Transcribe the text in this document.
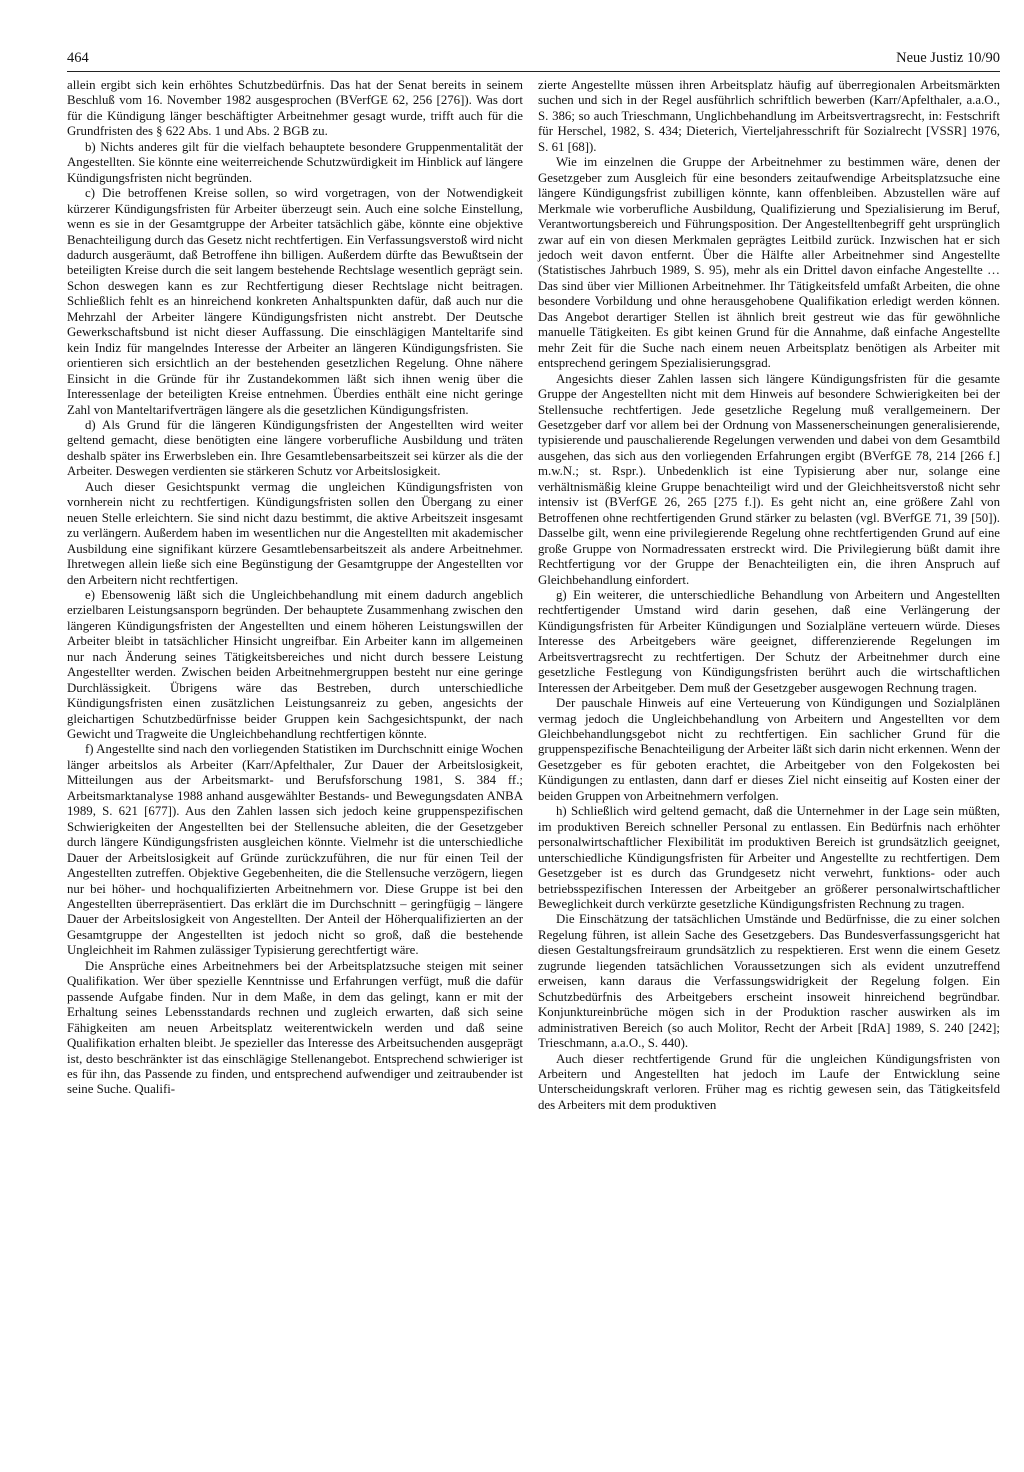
464	Neue Justiz 10/90

allein ergibt sich kein erhöhtes Schutzbedürfnis. Das hat der Senat bereits in seinem Beschluß vom 16. November 1982 ausgesprochen (BVerfGE 62, 256 [276]). Was dort für die Kündigung länger beschäftigter Arbeitnehmer gesagt wurde, trifft auch für die Grundfristen des § 622 Abs. 1 und Abs. 2 BGB zu.

b) Nichts anderes gilt für die vielfach behauptete besondere Gruppenmentalität der Angestellten. Sie könnte eine weiterreichende Schutzwürdigkeit im Hinblick auf längere Kündigungsfristen nicht begründen.

c) Die betroffenen Kreise sollen, so wird vorgetragen, von der Notwendigkeit kürzerer Kündigungsfristen für Arbeiter überzeugt sein. Auch eine solche Einstellung, wenn es sie in der Gesamtgruppe der Arbeiter tatsächlich gäbe, könnte eine objektive Benachteiligung durch das Gesetz nicht rechtfertigen. Ein Verfassungsverstoß wird nicht dadurch ausgeräumt, daß Betroffene ihn billigen. Außerdem dürfte das Bewußtsein der beteiligten Kreise durch die seit langem bestehende Rechtslage wesentlich geprägt sein. Schon deswegen kann es zur Rechtfertigung dieser Rechtslage nicht beitragen. Schließlich fehlt es an hinreichend konkreten Anhaltspunkten dafür, daß auch nur die Mehrzahl der Arbeiter längere Kündigungsfristen nicht anstrebt. Der Deutsche Gewerkschaftsbund ist nicht dieser Auffassung. Die einschlägigen Manteltarife sind kein Indiz für mangelndes Interesse der Arbeiter an längeren Kündigungsfristen. Sie orientieren sich ersichtlich an der bestehenden gesetzlichen Regelung. Ohne nähere Einsicht in die Gründe für ihr Zustandekommen läßt sich ihnen wenig über die Interessenlage der beteiligten Kreise entnehmen. Überdies enthält eine nicht geringe Zahl von Manteltarifverträgen längere als die gesetzlichen Kündigungsfristen.

d) Als Grund für die längeren Kündigungsfristen der Angestellten wird weiter geltend gemacht, diese benötigten eine längere vorberufliche Ausbildung und träten deshalb später ins Erwerbsleben ein. Ihre Gesamtlebensarbeitszeit sei kürzer als die der Arbeiter. Deswegen verdienten sie stärkeren Schutz vor Arbeitslosigkeit.

Auch dieser Gesichtspunkt vermag die ungleichen Kündigungsfristen von vornherein nicht zu rechtfertigen. Kündigungsfristen sollen den Übergang zu einer neuen Stelle erleichtern. Sie sind nicht dazu bestimmt, die aktive Arbeitszeit insgesamt zu verlängern. Außerdem haben im wesentlichen nur die Angestellten mit akademischer Ausbildung eine signifikant kürzere Gesamtlebensarbeitszeit als andere Arbeitnehmer. Ihretwegen allein ließe sich eine Begünstigung der Gesamtgruppe der Angestellten vor den Arbeitern nicht rechtfertigen.

e) Ebensowenig läßt sich die Ungleichbehandlung mit einem dadurch angeblich erzielbaren Leistungsansporn begründen. Der behauptete Zusammenhang zwischen den längeren Kündigungsfristen der Angestellten und einem höheren Leistungswillen der Arbeiter bleibt in tatsächlicher Hinsicht ungreifbar. Ein Arbeiter kann im allgemeinen nur nach Änderung seines Tätigkeitsbereiches und nicht durch bessere Leistung Angestellter werden. Zwischen beiden Arbeitnehmergruppen besteht nur eine geringe Durchlässigkeit. Übrigens wäre das Bestreben, durch unterschiedliche Kündigungsfristen einen zusätzlichen Leistungsanreiz zu geben, angesichts der gleichartigen Schutzbedürfnisse beider Gruppen kein Sachgesichtspunkt, der nach Gewicht und Tragweite die Ungleichbehandlung rechtfertigen könnte.

f) Angestellte sind nach den vorliegenden Statistiken im Durchschnitt einige Wochen länger arbeitslos als Arbeiter (Karr/Apfelthaler, Zur Dauer der Arbeitslosigkeit, Mitteilungen aus der Arbeitsmarkt- und Berufsforschung 1981, S. 384 ff.; Arbeitsmarktanalyse 1988 anhand ausgewählter Bestands- und Bewegungsdaten ANBA 1989, S. 621 [677]). Aus den Zahlen lassen sich jedoch keine gruppenspezifischen Schwierigkeiten der Angestellten bei der Stellensuche ableiten, die der Gesetzgeber durch längere Kündigungsfristen ausgleichen könnte. Vielmehr ist die unterschiedliche Dauer der Arbeitslosigkeit auf Gründe zurückzuführen, die nur für einen Teil der Angestellten zutreffen. Objektive Gegebenheiten, die die Stellensuche verzögern, liegen nur bei höher- und hochqualifizierten Arbeitnehmern vor. Diese Gruppe ist bei den Angestellten überrepräsentiert. Das erklärt die im Durchschnitt – geringfügig – längere Dauer der Arbeitslosigkeit von Angestellten. Der Anteil der Höherqualifizierten an der Gesamtgruppe der Angestellten ist jedoch nicht so groß, daß die bestehende Ungleichheit im Rahmen zulässiger Typisierung gerechtfertigt wäre.

Die Ansprüche eines Arbeitnehmers bei der Arbeitsplatzsuche steigen mit seiner Qualifikation. Wer über spezielle Kenntnisse und Erfahrungen verfügt, muß die dafür passende Aufgabe finden. Nur in dem Maße, in dem das gelingt, kann er mit der Erhaltung seines Lebensstandards rechnen und zugleich erwarten, daß sich seine Fähigkeiten am neuen Arbeitsplatz weiterentwickeln werden und daß seine Qualifikation erhalten bleibt. Je spezieller das Interesse des Arbeitsuchenden ausgeprägt ist, desto beschränkter ist das einschlägige Stellenangebot. Entsprechend schwieriger ist es für ihn, das Passende zu finden, und entsprechend aufwendiger und zeitraubender ist seine Suche. Qualifi-

zierte Angestellte müssen ihren Arbeitsplatz häufig auf überregionalen Arbeitsmärkten suchen und sich in der Regel ausführlich schriftlich bewerben (Karr/Apfelthaler, a.a.O., S. 386; so auch Trieschmann, Unglichbehandlung im Arbeitsvertragsrecht, in: Festschrift für Herschel, 1982, S. 434; Dieterich, Vierteljahresschrift für Sozialrecht [VSSR] 1976, S. 61 [68]).

Wie im einzelnen die Gruppe der Arbeitnehmer zu bestimmen wäre, denen der Gesetzgeber zum Ausgleich für eine besonders zeitaufwendige Arbeitsplatzsuche eine längere Kündigungsfrist zubilligen könnte, kann offenbleiben. Abzustellen wäre auf Merkmale wie vorberufliche Ausbildung, Qualifizierung und Spezialisierung im Beruf, Verantwortungsbereich und Führungsposition. Der Angestelltenbegriff geht ursprünglich zwar auf ein von diesen Merkmalen geprägtes Leitbild zurück. Inzwischen hat er sich jedoch weit davon entfernt. Über die Hälfte aller Arbeitnehmer sind Angestellte (Statistisches Jahrbuch 1989, S. 95), mehr als ein Drittel davon einfache Angestellte … Das sind über vier Millionen Arbeitnehmer. Ihr Tätigkeitsfeld umfaßt Arbeiten, die ohne besondere Vorbildung und ohne herausgehobene Qualifikation erledigt werden können. Das Angebot derartiger Stellen ist ähnlich breit gestreut wie das für gewöhnliche manuelle Tätigkeiten. Es gibt keinen Grund für die Annahme, daß einfache Angestellte mehr Zeit für die Suche nach einem neuen Arbeitsplatz benötigen als Arbeiter mit entsprechend geringem Spezialisierungsgrad.

Angesichts dieser Zahlen lassen sich längere Kündigungsfristen für die gesamte Gruppe der Angestellten nicht mit dem Hinweis auf besondere Schwierigkeiten bei der Stellensuche rechtfertigen. Jede gesetzliche Regelung muß verallgemeinern. Der Gesetzgeber darf vor allem bei der Ordnung von Massenerscheinungen generalisierende, typisierende und pauschalierende Regelungen verwenden und dabei von dem Gesamtbild ausgehen, das sich aus den vorliegenden Erfahrungen ergibt (BVerfGE 78, 214 [266 f.] m.w.N.; st. Rspr.). Unbedenklich ist eine Typisierung aber nur, solange eine verhältnismäßig kleine Gruppe benachteiligt wird und der Gleichheitsverstoß nicht sehr intensiv ist (BVerfGE 26, 265 [275 f.]). Es geht nicht an, eine größere Zahl von Betroffenen ohne rechtfertigenden Grund stärker zu belasten (vgl. BVerfGE 71, 39 [50]). Dasselbe gilt, wenn eine privilegierende Regelung ohne rechtfertigenden Grund auf eine große Gruppe von Normadressaten erstreckt wird. Die Privilegierung büßt damit ihre Rechtfertigung vor der Gruppe der Benachteiligten ein, die ihren Anspruch auf Gleichbehandlung einfordert.

g) Ein weiterer, die unterschiedliche Behandlung von Arbeitern und Angestellten rechtfertigender Umstand wird darin gesehen, daß eine Verlängerung der Kündigungsfristen für Arbeiter Kündigungen und Sozialpläne verteuern würde. Dieses Interesse des Arbeitgebers wäre geeignet, differenzierende Regelungen im Arbeitsvertragsrecht zu rechtfertigen. Der Schutz der Arbeitnehmer durch eine gesetzliche Festlegung von Kündigungsfristen berührt auch die wirtschaftlichen Interessen der Arbeitgeber. Dem muß der Gesetzgeber ausgewogen Rechnung tragen.

Der pauschale Hinweis auf eine Verteuerung von Kündigungen und Sozialplänen vermag jedoch die Ungleichbehandlung von Arbeitern und Angestellten vor dem Gleichbehandlungsgebot nicht zu rechtfertigen. Ein sachlicher Grund für die gruppenspezifische Benachteiligung der Arbeiter läßt sich darin nicht erkennen. Wenn der Gesetzgeber es für geboten erachtet, die Arbeitgeber von den Folgekosten bei Kündigungen zu entlasten, dann darf er dieses Ziel nicht einseitig auf Kosten einer der beiden Gruppen von Arbeitnehmern verfolgen.

h) Schließlich wird geltend gemacht, daß die Unternehmer in der Lage sein müßten, im produktiven Bereich schneller Personal zu entlassen. Ein Bedürfnis nach erhöhter personalwirtschaftlicher Flexibilität im produktiven Bereich ist grundsätzlich geeignet, unterschiedliche Kündigungsfristen für Arbeiter und Angestellte zu rechtfertigen. Dem Gesetzgeber ist es durch das Grundgesetz nicht verwehrt, funktions- oder auch betriebsspezifischen Interessen der Arbeitgeber an größerer personalwirtschaftlicher Beweglichkeit durch verkürzte gesetzliche Kündigungsfristen Rechnung zu tragen.

Die Einschätzung der tatsächlichen Umstände und Bedürfnisse, die zu einer solchen Regelung führen, ist allein Sache des Gesetzgebers. Das Bundesverfassungsgericht hat diesen Gestaltungsfreiraum grundsätzlich zu respektieren. Erst wenn die einem Gesetz zugrunde liegenden tatsächlichen Voraussetzungen sich als evident unzutreffend erweisen, kann daraus die Verfassungswidrigkeit der Regelung folgen. Ein Schutzbedürfnis des Arbeitgebers erscheint insoweit hinreichend begründbar. Konjunktureinbrüche mögen sich in der Produktion rascher auswirken als im administrativen Bereich (so auch Molitor, Recht der Arbeit [RdA] 1989, S. 240 [242]; Trieschmann, a.a.O., S. 440).

Auch dieser rechtfertigende Grund für die ungleichen Kündigungsfristen von Arbeitern und Angestellten hat jedoch im Laufe der Entwicklung seine Unterscheidungskraft verloren. Früher mag es richtig gewesen sein, das Tätigkeitsfeld des Arbeiters mit dem produktiven
